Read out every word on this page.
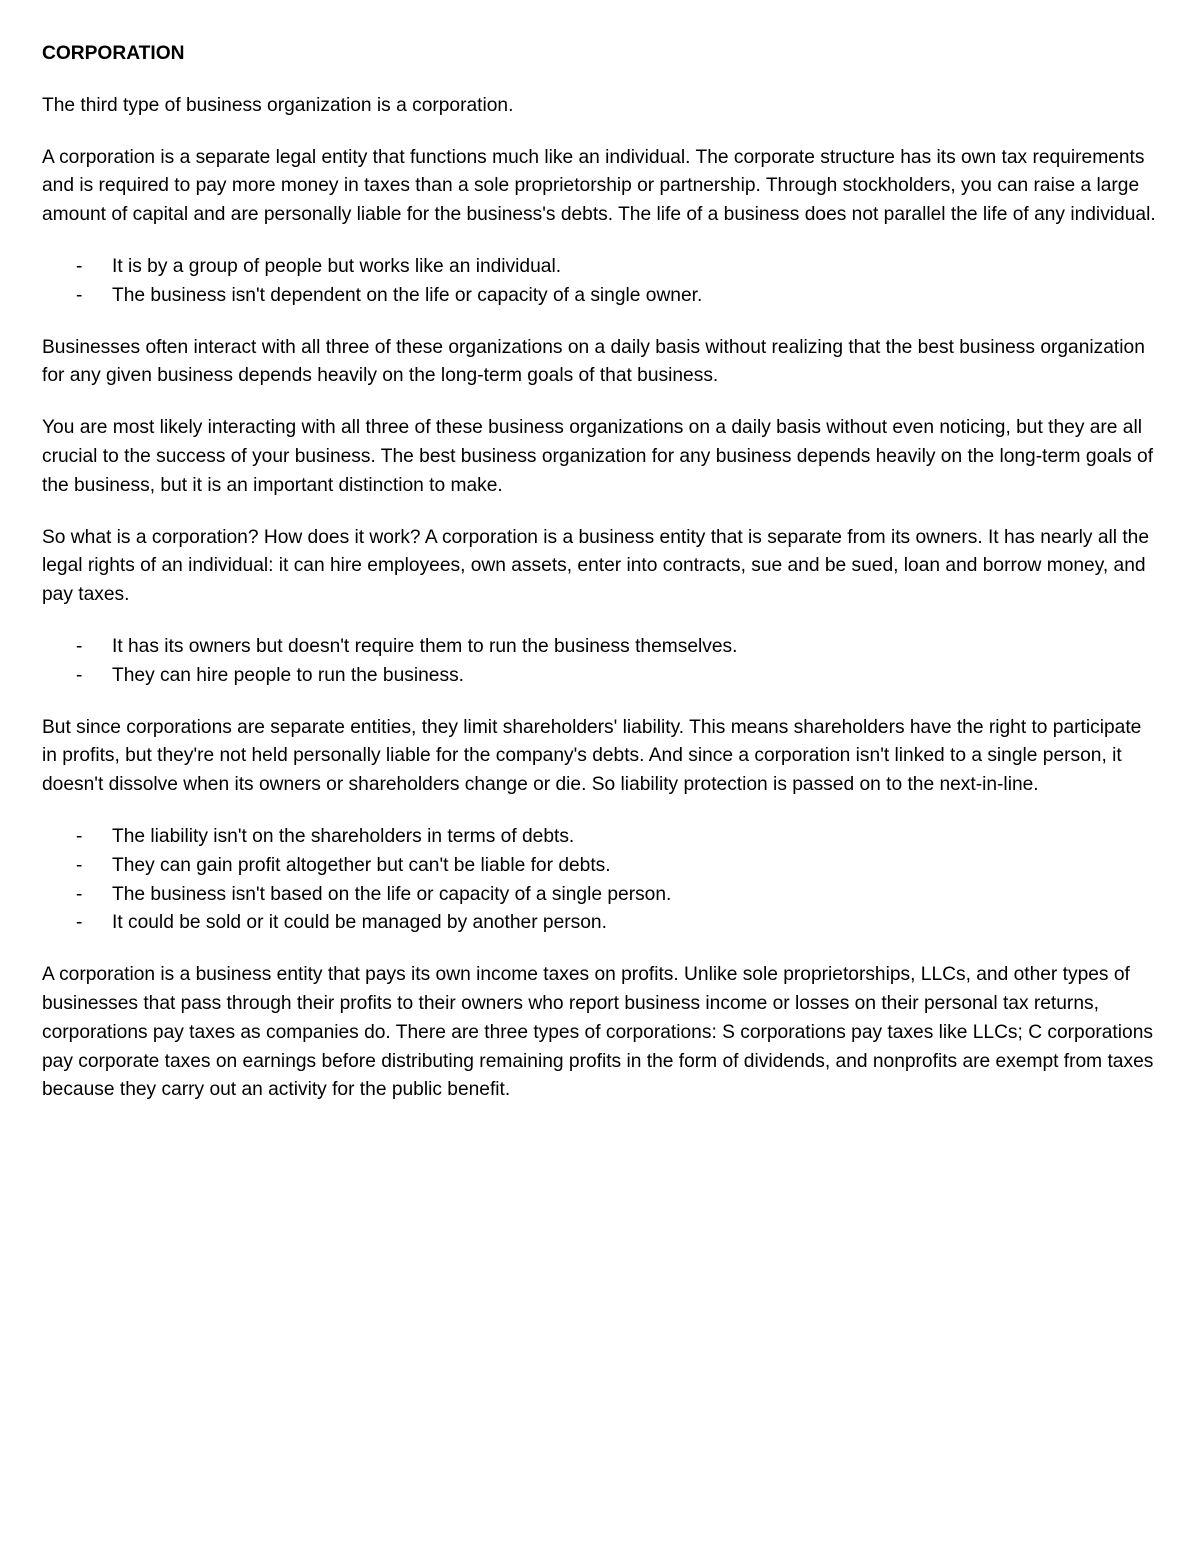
CORPORATION

The third type of business organization is a corporation.

A corporation is a separate legal entity that functions much like an individual. The corporate structure has its own tax requirements and is required to pay more money in taxes than a sole proprietorship or partnership. Through stockholders, you can raise a large amount of capital and are personally liable for the business's debts. The life of a business does not parallel the life of any individual.

- It is by a group of people but works like an individual.
- The business isn't dependent on the life or capacity of a single owner.

Businesses often interact with all three of these organizations on a daily basis without realizing that the best business organization for any given business depends heavily on the long-term goals of that business.

You are most likely interacting with all three of these business organizations on a daily basis without even noticing, but they are all crucial to the success of your business. The best business organization for any business depends heavily on the long-term goals of the business, but it is an important distinction to make.

So what is a corporation? How does it work? A corporation is a business entity that is separate from its owners. It has nearly all the legal rights of an individual: it can hire employees, own assets, enter into contracts, sue and be sued, loan and borrow money, and pay taxes.

- It has its owners but doesn't require them to run the business themselves.
- They can hire people to run the business.

But since corporations are separate entities, they limit shareholders' liability. This means shareholders have the right to participate in profits, but they're not held personally liable for the company's debts. And since a corporation isn't linked to a single person, it doesn't dissolve when its owners or shareholders change or die. So liability protection is passed on to the next-in-line.

- The liability isn't on the shareholders in terms of debts.
- They can gain profit altogether but can't be liable for debts.
- The business isn't based on the life or capacity of a single person.
- It could be sold or it could be managed by another person.

A corporation is a business entity that pays its own income taxes on profits. Unlike sole proprietorships, LLCs, and other types of businesses that pass through their profits to their owners who report business income or losses on their personal tax returns, corporations pay taxes as companies do. There are three types of corporations: S corporations pay taxes like LLCs; C corporations pay corporate taxes on earnings before distributing remaining profits in the form of dividends, and nonprofits are exempt from taxes because they carry out an activity for the public benefit.
